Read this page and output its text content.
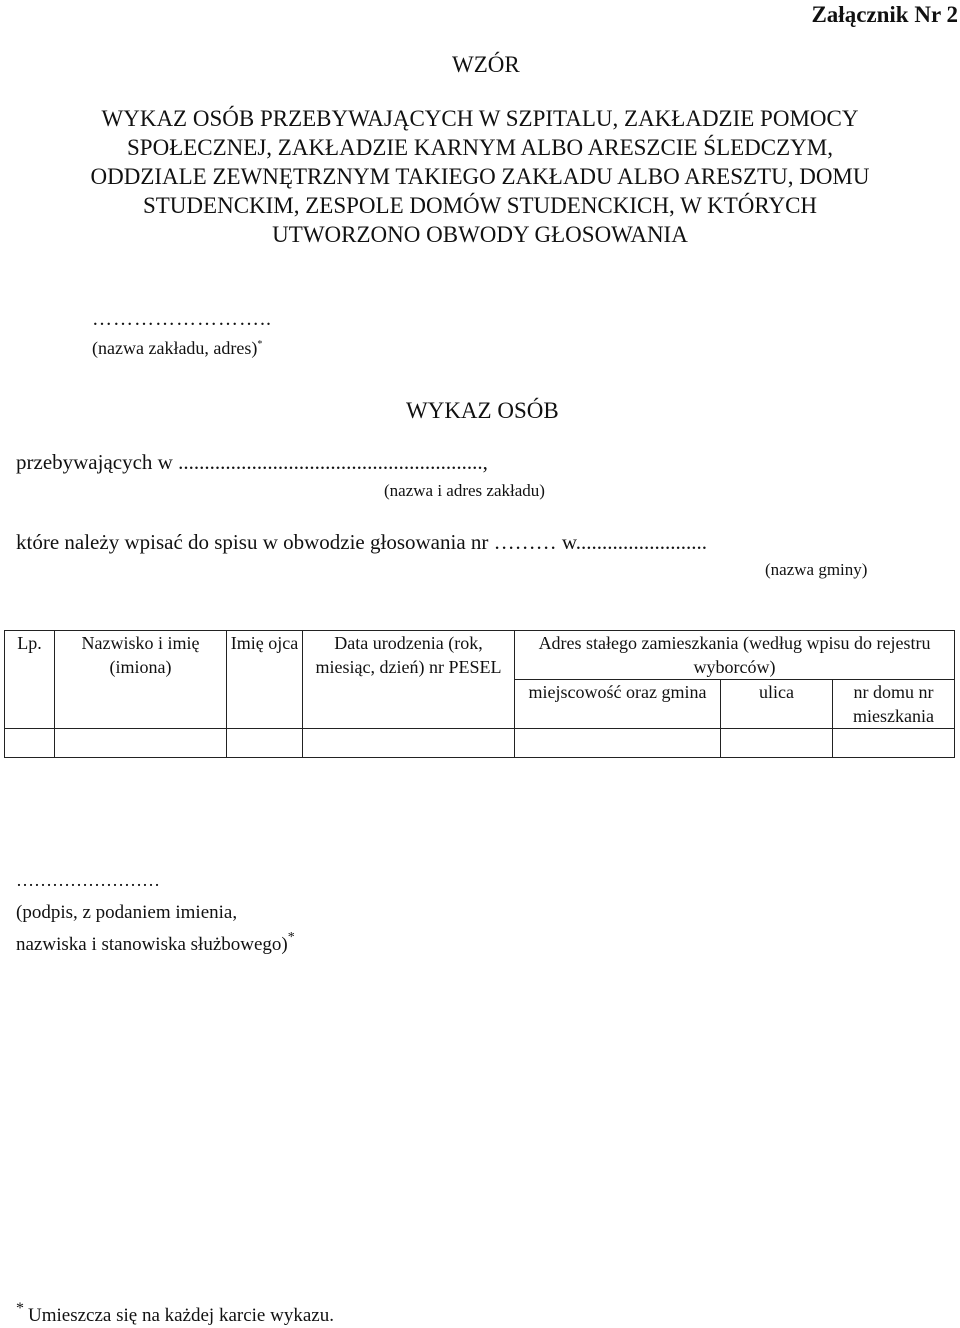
Załącznik Nr 2
WZÓR
WYKAZ OSÓB PRZEBYWAJĄCYCH W SZPITALU, ZAKŁADZIE POMOCY
SPOŁECZNEJ, ZAKŁADZIE KARNYM ALBO ARESZCIE ŚLEDCZYM,
ODDZIALE ZEWNĘTRZNYM TAKIEGO ZAKŁADU ALBO ARESZTU, DOMU
STUDENCKIM, ZESPOLE DOMÓW STUDENCKICH, W KTÓRYCH
UTWORZONO OBWODY GŁOSOWANIA
……………………..
(nazwa zakładu, adres)*
WYKAZ OSÓB
przebywających w ..........................................................,
(nazwa i adres zakładu)
które należy wpisać do spisu w obwodzie głosowania nr ……… w.........................
(nazwa gminy)
Lp.	Nazwisko i imię (imiona)	Imię ojca	Data urodzenia (rok, miesiąc, dzień) nr PESEL	Adres stałego zamieszkania (według wpisu do rejestru wyborców)		
				miejscowość oraz gmina	ulica	nr domu nr mieszkania

……………………
(podpis, z podaniem imienia,
nazwiska i stanowiska służbowego)*
* Umieszcza się na każdej karcie wykazu.
